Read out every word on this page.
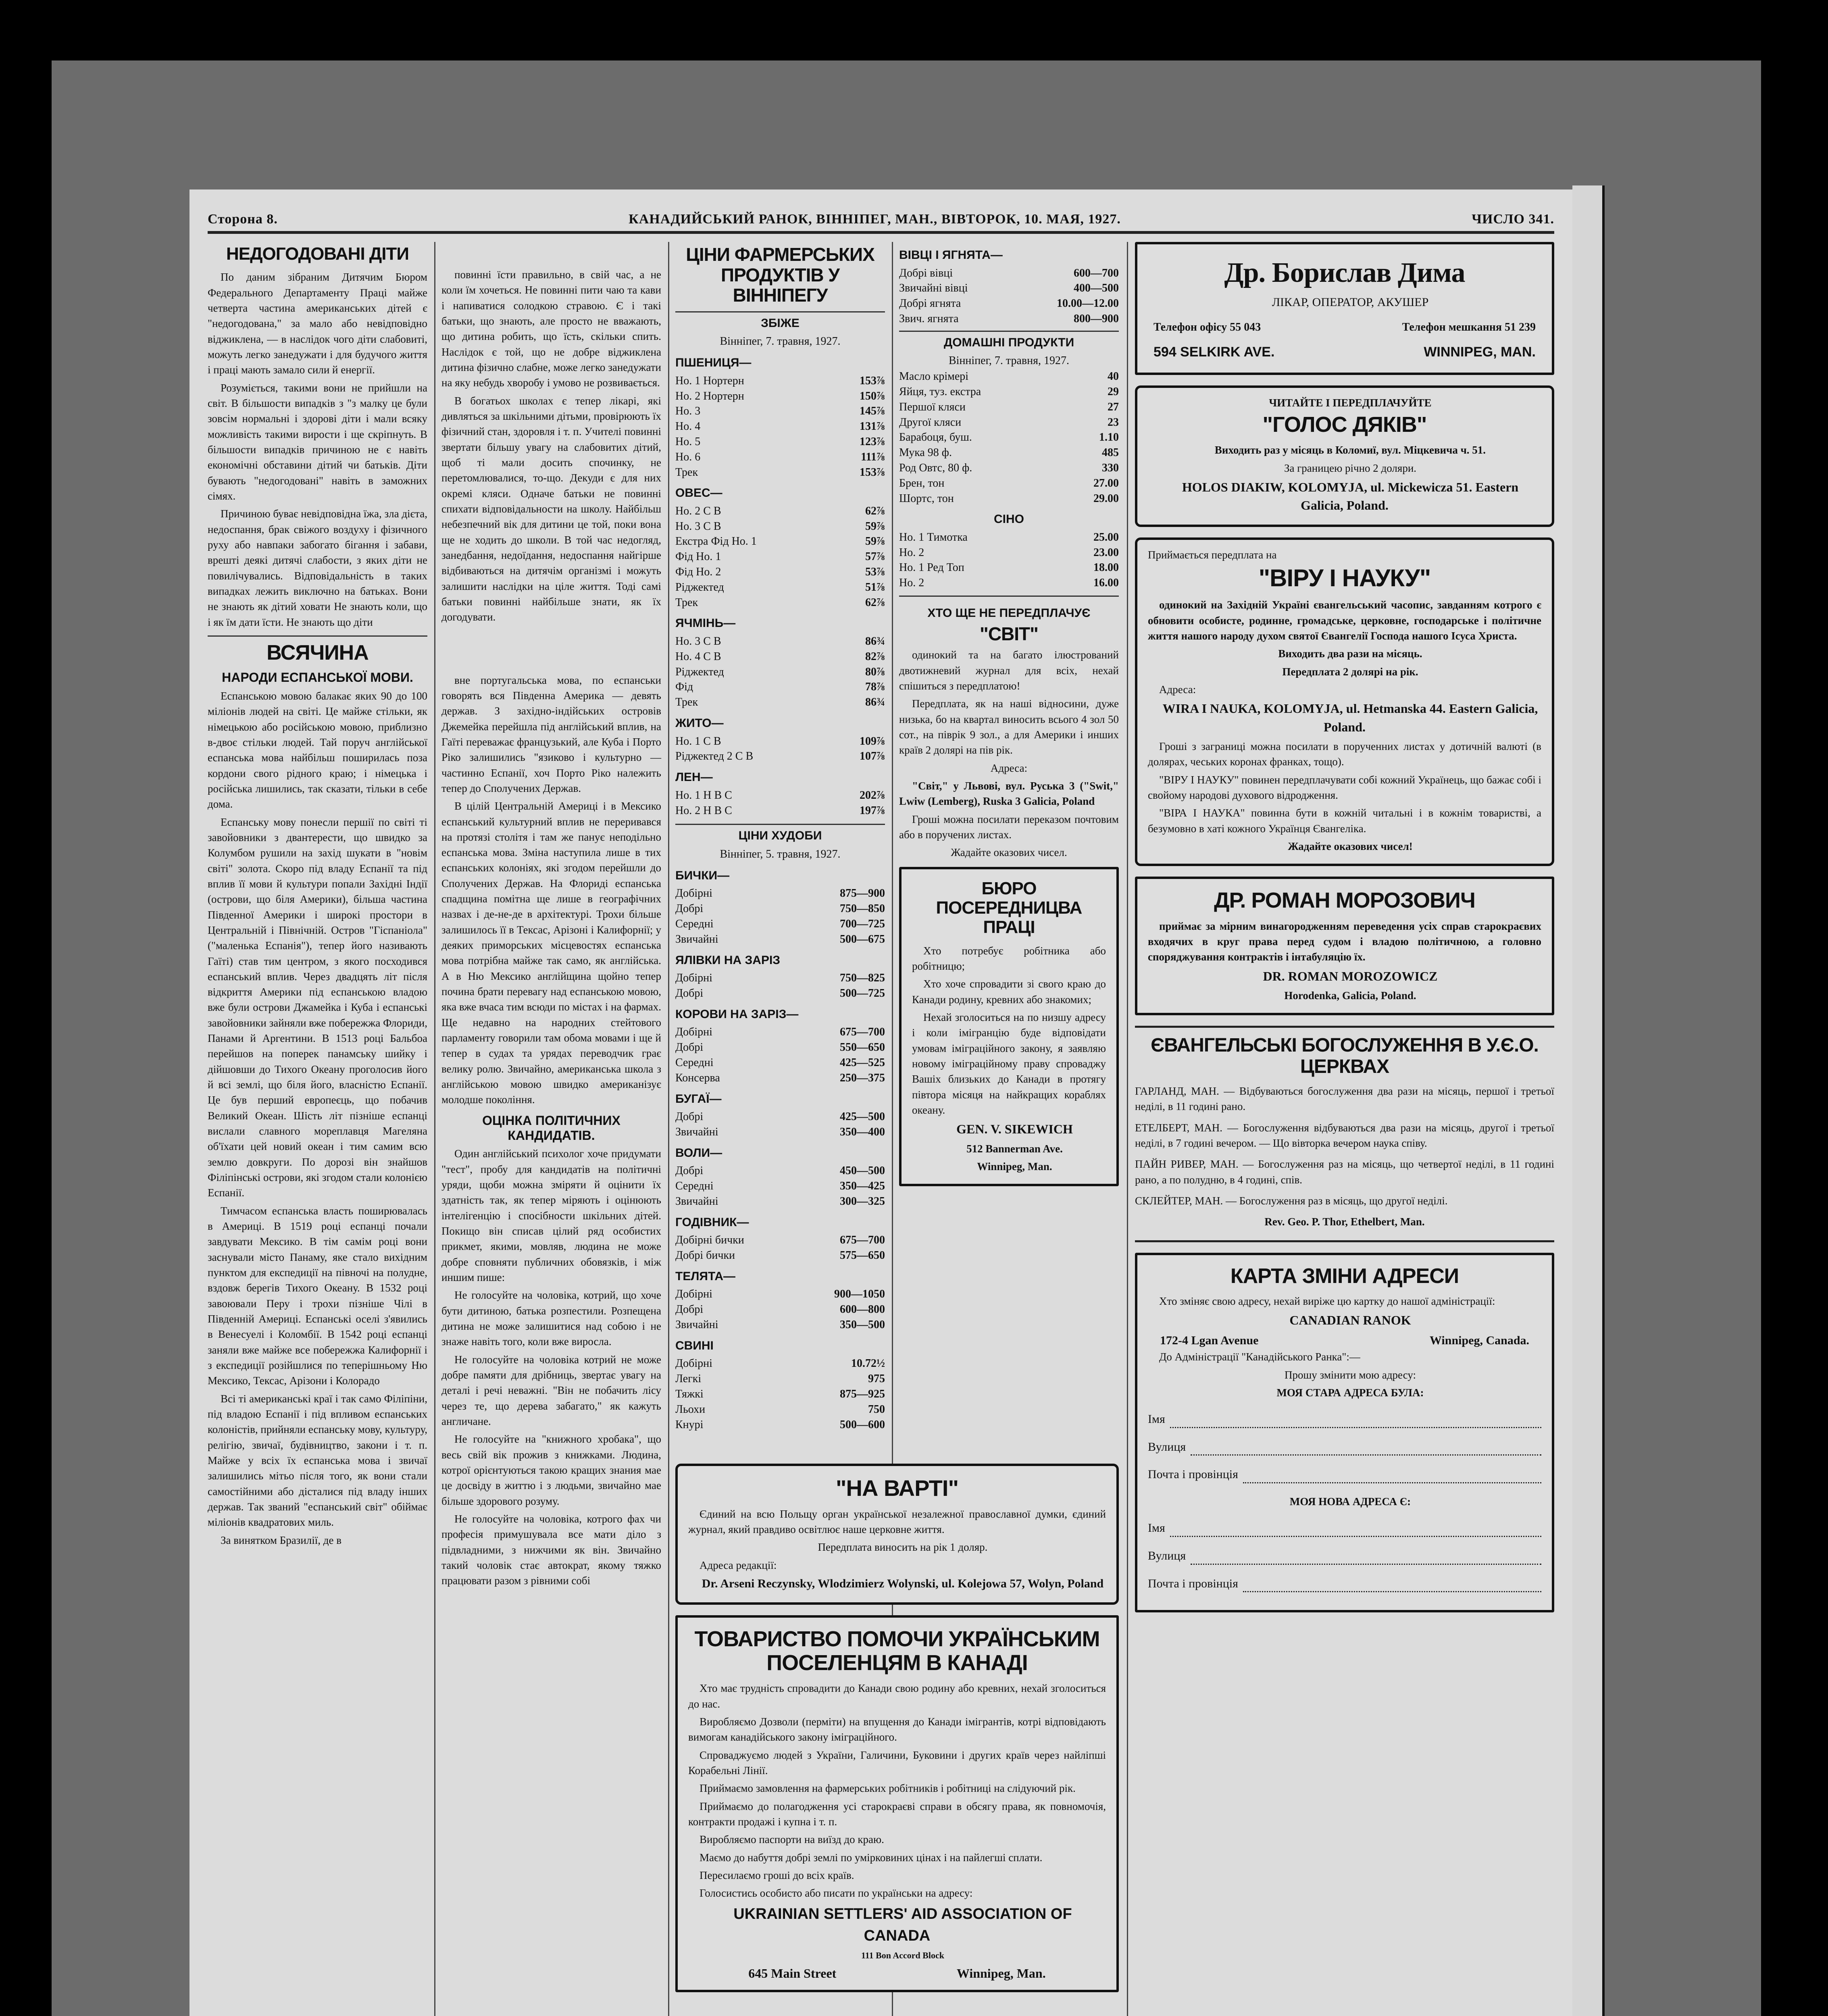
Сторона 8.	КАНАДИЙСЬКИЙ РАНОК, ВІННІПЕГ, МАН., ВІВТОРОК, 10. МАЯ, 1927.	ЧИСЛО 341.
НЕДОГОДОВАНІ ДІТИ

По даним зібраним Дитячим Бюром Федерального Департаменту Праці майже четверта частина американських дітей є "недогодована," за мало або невідповідно віджиклена, — в наслідок чого діти слабовиті, можуть легко занедужати і для будучого життя і праці мають замало сили й енергії.

Розуміється, такими вони не прийшли на світ. В більшости випадків з "з малку це були зовсім нормальні і здорові діти і мали всяку можливість такими вирости і ще скріпнуть. В більшости випадків причиною не є навіть економічні обставини дітий чи батьків. Діти бувають "недогодовані" навіть в заможних сімях.

Причиною буває невідповідна їжа, зла дієта, недоспання, брак свіжого воздуху і фізичного руху або навпаки забогато бігання і забави, врешті деякі дитячі слабости, з яких діти не повилічувались. Відповідальність в таких випадках лежить виключно на батьках. Вони не знають як дітий ховати Не знають коли, що і як їм дати їсти. Не знають що діти

ВСЯЧИНА
НАРОДИ ЕСПАНСЬКОЇ МОВИ.

Еспанською мовою балакає яких 90 до 100 міліонів людей на світі. Це майже стільки, як німецькою або російською мовою, приблизно в-двоє стільки людей. Тай поруч англійської еспанська мова найбільш поширилась поза кордони свого рідного краю; і німецька і російська лишились, так сказати, тільки в себе дома.

Еспанську мову понесли першії по світі ті завойовники з двантерести, що швидко за Колумбом рушили на захід шукати в "новім світі" золота. Скоро під владу Еспанії та під вплив її мови й культури попали Західні Індії (острови, що біля Америки), більша частина Південної Америки і широкі простори в Центральній і Північній. Остров "Гіспаніола" ("маленька Еспанія"), тепер його називають Гаїті) став тим центром, з якого посходився еспанський вплив. Через двадцять літ після відкриття Америки під еспанською владою вже були острови Джамейка і Куба і еспанські завойовники зайняли вже побережжа Флориди, Панами й Аргентини. В 1513 році Бальбоа перейшов на поперек панамську шийку і дійшовши до Тихого Океану проголосив його й всі землі, що біля його, власністю Еспанії. Це був перший европеєць, що побачив Великий Океан. Шість літ пізніше еспанці вислали славного мореплавця Магеляна об'їхати цей новий океан і тим самим всю землю довкруги. По дорозі він знайшов Філіпінські острови, які згодом стали колонією Еспанії.

Тимчасом еспанська власть поширювалась в Америці. В 1519 році еспанці почали завдувати Мексико. В тім самім році вони заснували місто Панаму, яке стало вихідним пунктом для експедиції на півночі на полудне, вздовж берегів Тихого Океану. В 1532 році завоювали Перу і трохи пізніше Чілі в Південній Америці. Еспанські оселі з'явились в Венесуелі і Коломбії. В 1542 році еспанці заняли вже майже все побережжа Калифорнії і з експедиції розійшлися по теперішньому Ню Мексико, Тексас, Арізони і Колорадо

Всі ті американські краї і так само Філіпіни, під владою Еспанії і під впливом еспанських колоністів, прийняли еспанську мову, культуру, релігію, звичаї, будівництво, закони і т. п. Майже у всіх їх еспанська мова і звичаї залишились мітьо після того, як вони стали самостійними або дісталися під владу інших держав. Так званий "еспанський світ" обіймає міліонів квадратових миль.

За винятком Бразилії, де в

повинні їсти правильно, в свій час, а не коли їм хочеться. Не повинні пити чаю та кави і напиватися солодкою стравою. Є і такі батьки, що знають, але просто не вважають, що дитина робить, що їсть, скільки спить. Наслідок є той, що не добре віджиклена дитина фізично слабне, може легко занедужати на яку небудь хворобу і умово не розвивається.

В богатьох школах є тепер лікарі, які дивляться за шкільними дітьми, провірюють їх фізичний стан, здоровля і т. п. Учителі повинні звертати більшу увагу на слабовитих дітий, щоб ті мали досить спочинку, не перетомлювалися, то-що. Декуди є для них окремі кляси. Одначе батьки не повинні спихати відповідальности на школу. Найбільш небезпечний вік для дитини це той, поки вона ще не ходить до школи. В той час недогляд, занедбання, недоїдання, недоспання найгірше відбиваються на дитячім організмі і можуть залишити наслідки на ціле життя. Тоді самі батьки повинні найбільше знати, як їх догодувати.

вне португальська мова, по еспанськи говорять вся Південна Америка — девять держав. З західно-індійських островів Джемейка перейшла під англійський вплив, на Гаїті переважає французький, але Куба і Порто Ріко залишились "язиково і культурно — частинно Еспанії, хоч Порто Ріко належить тепер до Сполучених Держав.

В цілій Центральній Америці і в Мексико еспанський культурний вплив не переривався на протязі столітя і там же панує неподільно еспанська мова. Зміна наступила лише в тих еспанських колоніях, які згодом перейшли до Сполучених Держав. На Флориді еспанська спадщина помітна ще лише в географічних назвах і де-не-де в архітектурі. Трохи більше залишилось її в Тексас, Арізоні і Калифорнії; у деяких приморських місцевостях еспанська мова потрібна майже так само, як англійська. А в Ню Мексико англійщина щойно тепер почина брати перевагу над еспанською мовою, яка вже вчаса тим всюди по містах і на фармах. Ще недавно на народних стейтового парламенту говорили там обома мовами і ще й тепер в судах та урядах переводчик грає велику ролю. Звичайно, американська школа з англійською мовою швидко американізує молодше покоління.

ОЦІНКА ПОЛІТИЧНИХ КАНДИДАТІВ.

Один англійський психолог хоче придумати "тест", пробу для кандидатів на політичні уряди, щоби можна зміряти й оцінити їх здатність так, як тепер міряють і оцінюють інтелігенцію і спосібности шкільних дітей. Покищо він списав цілий ряд особистих прикмет, якими, мовляв, людина не може добре сповняти публичних обовязків, і між иншим пише:

Не голосуйте на чоловіка, котрий, що хоче бути дитиною, батька розпестили. Розпещена дитина не може залишитися над собою і не знаже навіть того, коли вже виросла.

Не голосуйте на чоловіка котрий не може добре памяти для дрібниць, звертає увагу на деталі і речі неважні. "Він не побачить лісу через те, що дерева забагато," як кажуть англичане.

Не голосуйте на "книжного хробака", що весь свій вік прожив з книжками. Людина, котрої орієнтуються такою кращих знания мае це досвіду в життю і з людьми, звичайно мае більше здорового розуму.

Не голосуйте на чоловіка, котрого фах чи професія примушувала все мати діло з підвладними, з нижчими як він. Звичайно такий чоловік стає автократ, якому тяжко працювати разом з рівними собі

ЦІНИ ФАРМЕРСЬКИХ ПРОДУКТІВ У ВІННІПЕГУ
ЗБІЖЕ
Вінніпег, 7. травня, 1927.
ПШЕНИЦЯ—
Но. 1 Нортерн	153⅞
Но. 2 Нортерн	150⅞
Но. 3	145⅞
Но. 4	131⅞
Но. 5	123⅞
Но. 6	111⅞
Трек	153⅞
ОВЕС—
Но. 2 С В	62⅞
Но. 3 С В	59⅞
Екстра Фід Но. 1	59⅞
Фід Но. 1	57⅞
Фід Но. 2	53⅞
Ріджектед	51⅞
Трек	62⅞
ЯЧМІНЬ—
Но. 3 С В	86¾
Но. 4 С В	82⅞
Ріджектед	80⅞
Фід	78⅞
Трек	86¾
ЖИТО—
Но. 1 С В	109⅞
Ріджектед 2 С В	107⅞
ЛЕН—
Но. 1 Н В С	202⅞
Но. 2 Н В С	197⅞
ЦІНИ ХУДОБИ
Вінніпег, 5. травня, 1927.
БИЧКИ—
Добірні	875—900
Добрі	750—850
Середні	700—725
Звичайні	500—675
ЯЛІВКИ НА ЗАРІЗ
Добірні	750—825
Добрі	500—725
КОРОВИ НА ЗАРІЗ—
Добірні	675—700
Добрі	550—650
Середні	425—525
Консерва	250—375
БУГАЇ—
Добрі	425—500
Звичайні	350—400
ВОЛИ—
Добрі	450—500
Середні	350—425
Звичайні	300—325
ГОДІВНИК—
Добірні бички	675—700
Добрі бички	575—650
ТЕЛЯТА—
Добірні	900—1050
Добрі	600—800
Звичайні	350—500
СВИНІ
Добірні	10.72½
Легкі	975
Тяжкі	875—925
Льохи	750
Кнурі	500—600
ВІВЦІ І ЯГНЯТА—
Добрі вівці	600—700
Звичайні вівці	400—500
Добрі ягнята	10.00—12.00
Звич. ягнята	800—900
ДОМАШНІ ПРОДУКТИ
Вінніпег, 7. травня, 1927.
Масло крімері	40
Яйця, туз. екстра	29
Першої кляси	27
Другої кляси	23
Барабоця, буш.	1.10
Мука 98 ф.	485
Род Овтс, 80 ф.	330
Брен, тон	27.00
Шортс, тон	29.00
СІНО
Но. 1 Тимотка	25.00
Но. 2	23.00
Но. 1 Ред Топ	18.00
Но. 2	16.00
ХТО ЩЕ НЕ ПЕРЕДПЛАЧУЄ
"СВІТ"

одинокий та на багато ілюстрований двотижневий журнал для всіх, нехай спішиться з передплатою!

Передплата, як на наші відносини, дуже низька, бо на квартал виносить всього 4 зол 50 сот., на пiврiк 9 зол., а для Америки і инших країв 2 долярі на пів рік.

Адреса:

"Світ," у Львові, вул. Руська 3 ("Swit," Lwiw (Lemberg), Ruska 3 Galicia, Poland

Гроші можна посилати переказом почтовим або в поручених листах.

Жадайте оказових чисел.

БЮРО ПОСЕРЕДНИЦВА ПРАЦІ

Хто потребує робітника або робітницю;

Хто хоче спровадити зі свого краю до Канади родину, кревних або знакомих;

Нехай зголоситься на по низшу адресу і коли імігранцію буде відповідати умовам іміграційного закону, я заявляю новому іміграційному праву спроваджу Вашіх близьких до Канади в протягу півтора місяця на найкращих кораблях океану.

GEN. V. SIKEWICH

512 Bannerman Ave.

Winnipeg, Man.

"НА ВАРТІ"

Єдиний на всю Польщу орган української незалежної православної думки, єдиний журнал, який правдиво освітлює наше церковне життя.

Передплата виносить на рік 1 доляр.

Адреса редакції:

Dr. Arseni Reczynsky, Wlodzimierz Wolynski, ul. Kolejowa 57, Wolyn, Poland

ТОВАРИСТВО ПОМОЧИ УКРАЇНСЬКИМ ПОСЕЛЕНЦЯМ В КАНАДІ

Хто має трудність спровадити до Канади свою родину або кревних, нехай зголоситься до нас.

Виробляємо Дозволи (перміти) на впущення до Канади імігрантів, котрі відповідають вимогам канадійського закону іміграційного.

Спроваджуємо людей з України, Галичини, Буковини і других країв через найліпші Корабельні Лінії.

Приймаємо замовлення на фармерських робітників і робітниці на слідуючий рік.

Приймаємо до полагодження усі старокраєві справи в обсягу права, як повномочія, контракти продажі і купна і т. п.

Виробляємо паспорти на виїзд до краю.

Маємо до набуття добрі землі по умірковиних цінах і на пайлегші сплати.

Пересилаємо гроші до всіх країв.

Голосистись особисто або писати по українськи на адресу:

UKRAINIAN SETTLERS' AID ASSOCIATION OF CANADA

111 Bon Accord Block

645 Main Street	Winnipeg, Man.
Др. Борислав Дима

ЛІКАР, ОПЕРАТОР, АКУШЕР

Телефон офісу 55 043	Телефон мешкання 51 239
594 SELKIRK AVE.	WINNIPEG, MAN.

ЧИТАЙТЕ І ПЕРЕДПЛАЧУЙТЕ

"ГОЛОС ДЯКІВ"

Виходить раз у місяць в Коломиї, вул. Міцкевича ч. 51.

За границею річно 2 доляри.

HOLOS DIAKIW, KOLOMYJA, ul. Mickewicza 51. Eastern Galicia, Poland.

Приймається передплата на

"ВІРУ І НАУКУ"

одинокий на Західній Україні євангельський часопис, завданням котрого є обновити особисте, родинне, громадське, церковне, господарське і політичне життя нашого народу духом святої Євангелії Господа нашого Ісуса Христа.

Виходить два рази на місяць.

Передплата 2 долярі на рік.

Адреса:

WIRA I NAUKA, KOLOMYJA, ul. Hetmanska 44. Eastern Galicia, Poland.

Гроші з заграниці можна посилати в порученних листах у дотичній валюті (в долярах, чеських коронах франках, тощо).

"ВІРУ І НАУКУ" повинен передплачувати собі кожний Українець, що бажає собі і свойому народові духового відродження.

"ВІРА І НАУКА" повинна бути в кожній читальні і в кожнім товаристві, а безумовно в хаті кожного Українця Євангеліка.

Жадайте оказових чисел!

ДР. РОМАН МОРОЗОВИЧ

приймає за мірним винагородженням переведення усіх справ старокраєвих входячих в круг права перед судом і владою політичною, а головно споряджування контрактів і інтабуляцію їх.

DR. ROMAN MOROZOWICZ

Horodenka, Galicia, Poland.

ЄВАНГЕЛЬСЬКІ БОГОСЛУЖЕННЯ В У.Є.О. ЦЕРКВАХ

ГАРЛАНД, МАН. — Відбуваються богослуження два рази на місяць, першої і третьої неділі, в 11 годині рано.

ЕТЕЛБЕРТ, МАН. — Богослуження відбуваються два рази на місяць, другої і третьої неділі, в 7 годині вечером. — Що вівторка вечером наука співу.

ПАЙН РИВЕР, МАН. — Богослуження раз на місяць, що четвертої неділі, в 11 годині рано, а по полудню, в 4 годині, спів.

СКЛЕЙТЕР, МАН. — Богослуження раз в місяць, що другої неділі.

Rev. Geo. P. Thor, Ethelbert, Man.

КАРТА ЗМІНИ АДРЕСИ

Хто зміняє свою адресу, нехай виріже цю картку до нашої адміністрації:

CANADIAN RANOK

172-4 Lgan Avenue	Winnipeg, Canada.

До Адміністрації "Канадійського Ранка":—

Прошу змінити мою адресу:

МОЯ СТАРА АДРЕСА БУЛА:

Імя
Вулиця
Почта і провінція

МОЯ НОВА АДРЕСА Є:

Імя
Вулиця
Почта і провінція
